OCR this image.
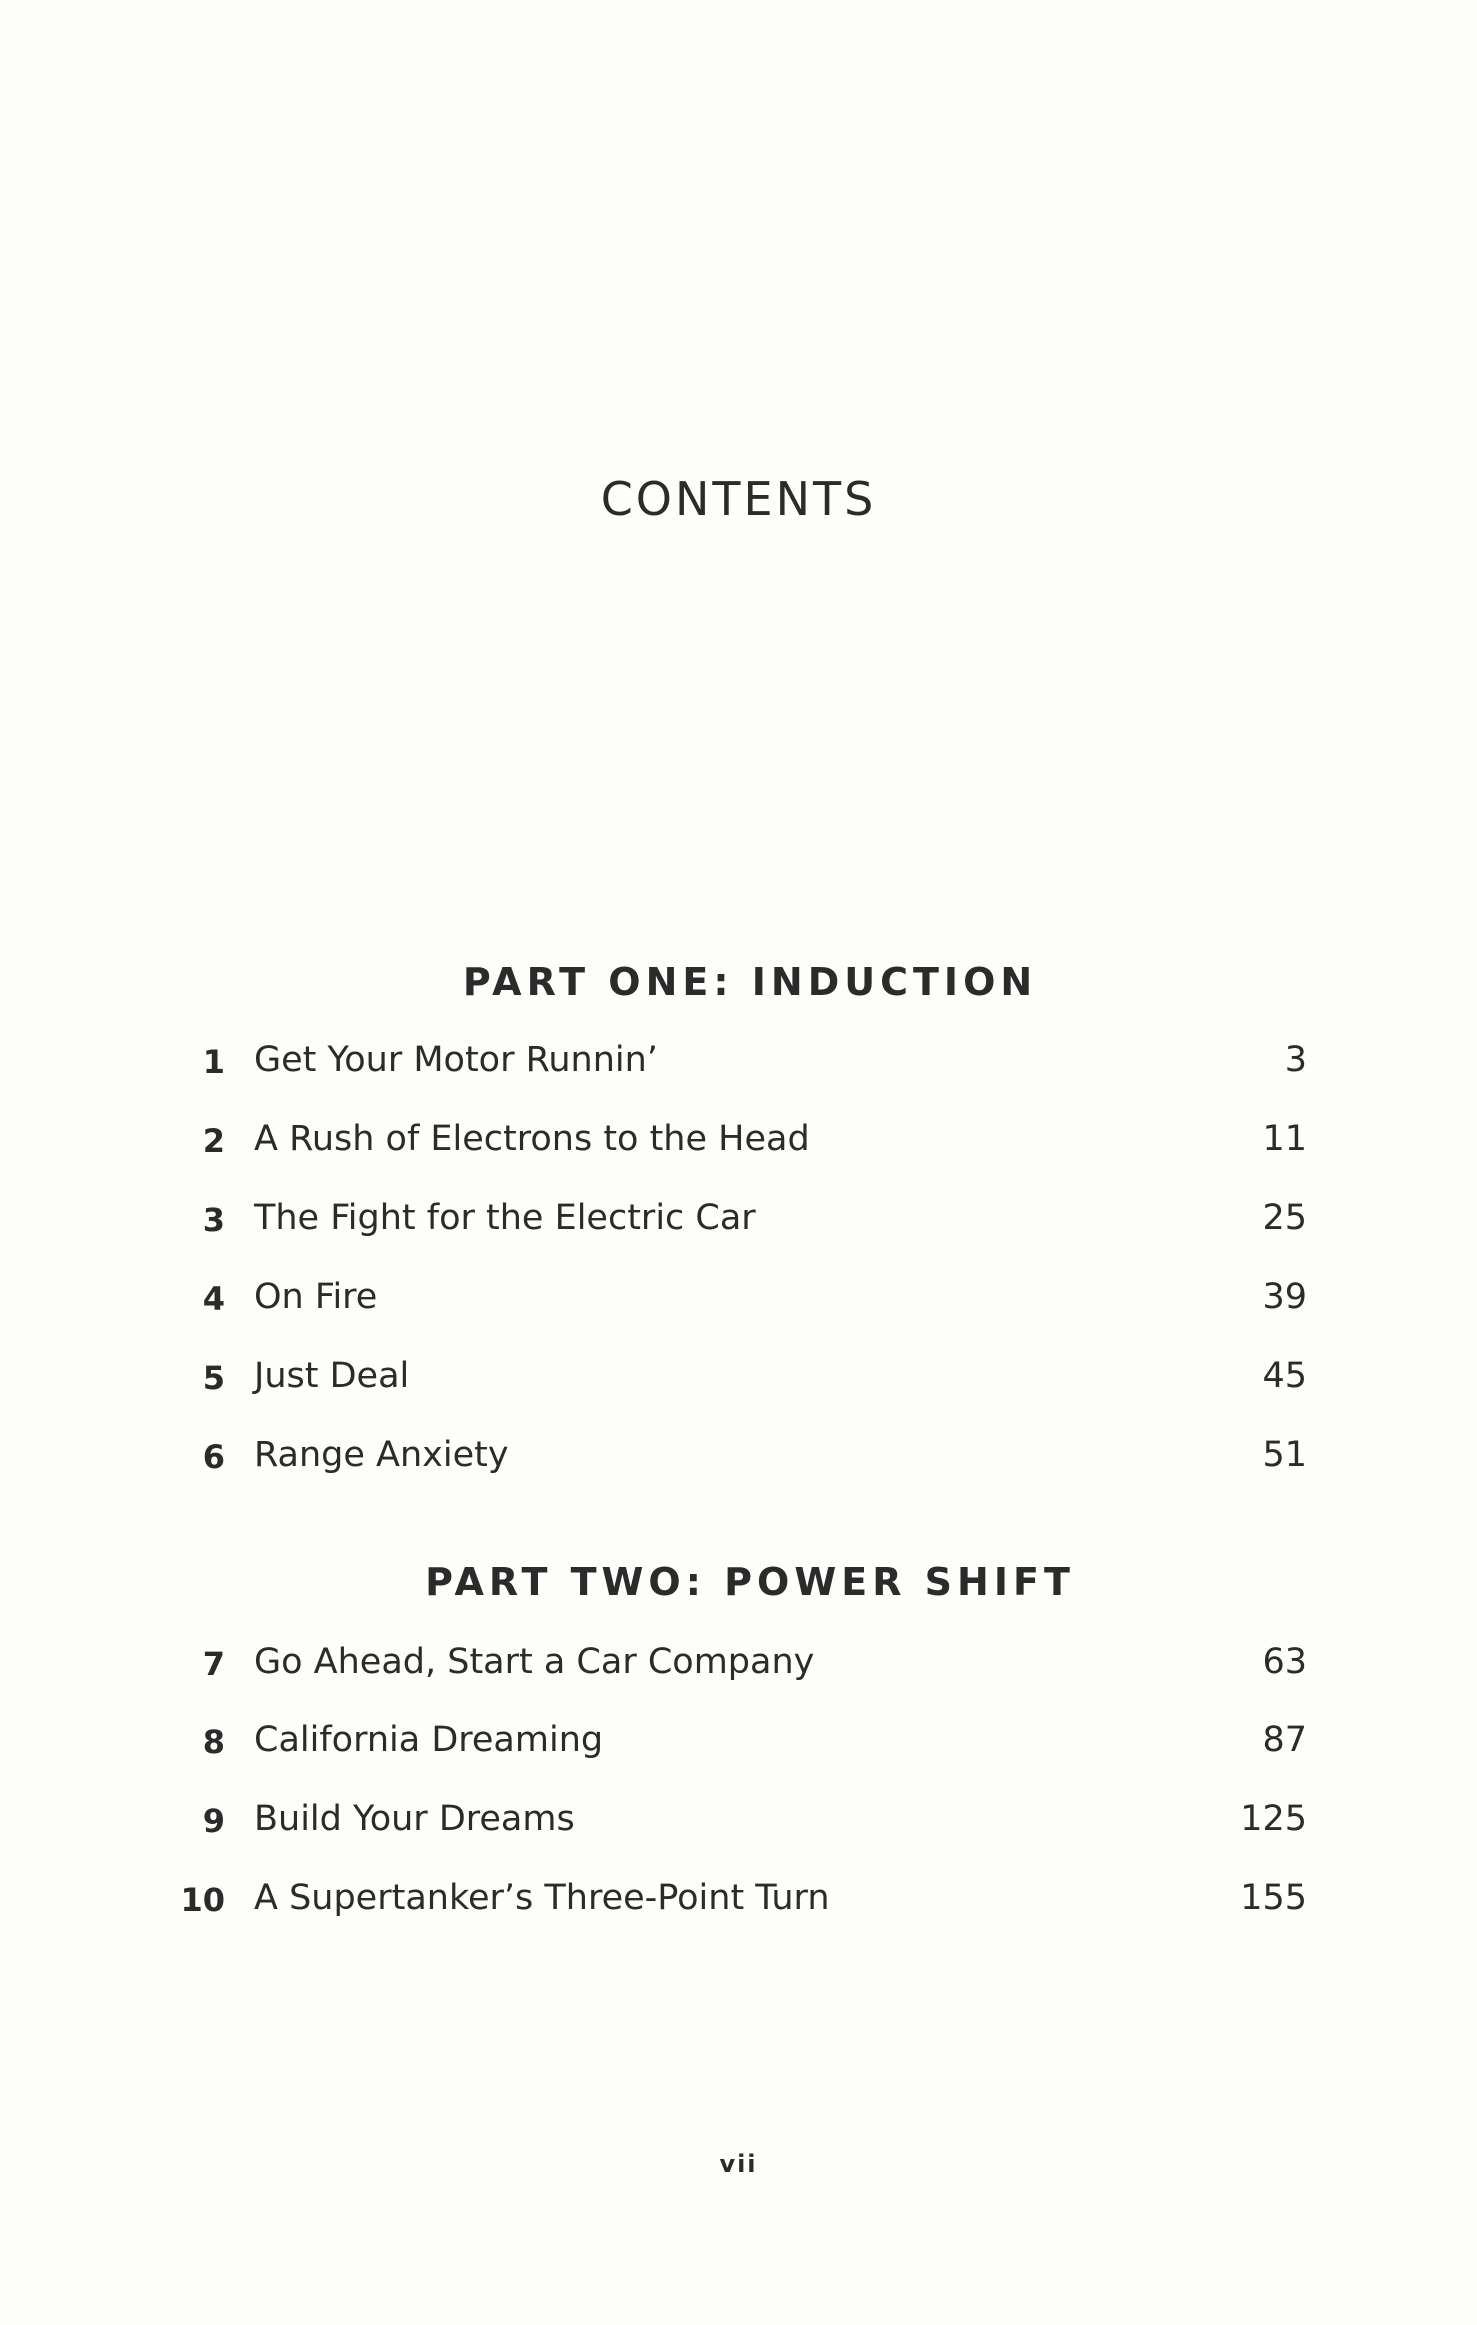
CONTENTS
PART ONE: INDUCTION
1 Get Your Motor Runnin’	3
2 A Rush of Electrons to the Head	11
3 The Fight for the Electric Car	25
4 On Fire	39
5 Just Deal	45
6 Range Anxiety	51
PART TWO: POWER SHIFT
7 Go Ahead, Start a Car Company	63
8 California Dreaming	87
9 Build Your Dreams	125
10 A Supertanker’s Three-Point Turn	155
vii
